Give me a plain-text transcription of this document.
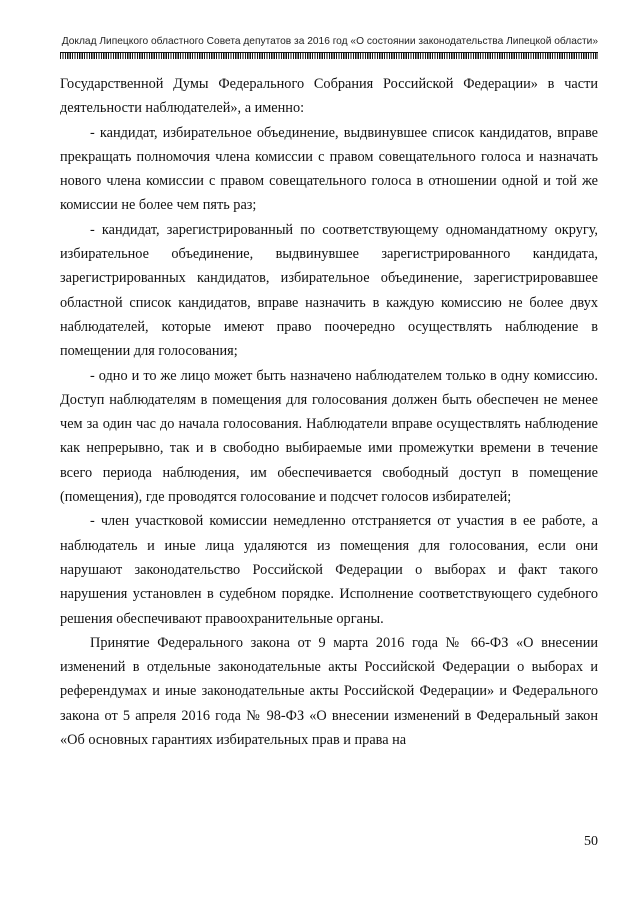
Доклад Липецкого областного Совета депутатов за 2016 год «О состоянии законодательства Липецкой области»

Государственной Думы Федерального Собрания Российской Федерации» в части деятельности наблюдателей», а именно:

- кандидат, избирательное объединение, выдвинувшее список кандидатов, вправе прекращать полномочия члена комиссии с правом совещательного голоса и назначать нового члена комиссии с правом совещательного голоса в отношении одной и той же комиссии не более чем пять раз;

- кандидат, зарегистрированный по соответствующему одномандатному округу, избирательное объединение, выдвинувшее зарегистрированного кандидата, зарегистрированных кандидатов, избирательное объединение, зарегистрировавшее областной список кандидатов, вправе назначить в каждую комиссию не более двух наблюдателей, которые имеют право поочередно осуществлять наблюдение в помещении для голосования;

- одно и то же лицо может быть назначено наблюдателем только в одну комиссию. Доступ наблюдателям в помещения для голосования должен быть обеспечен не менее чем за один час до начала голосования. Наблюдатели вправе осуществлять наблюдение как непрерывно, так и в свободно выбираемые ими промежутки времени в течение всего периода наблюдения, им обеспечивается свободный доступ в помещение (помещения), где проводятся голосование и подсчет голосов избирателей;

- член участковой комиссии немедленно отстраняется от участия в ее работе, а наблюдатель и иные лица удаляются из помещения для голосования, если они нарушают законодательство Российской Федерации о выборах и факт такого нарушения установлен в судебном порядке. Исполнение соответствующего судебного решения обеспечивают правоохранительные органы.

Принятие Федерального закона от 9 марта 2016 года № 66-ФЗ «О внесении изменений в отдельные законодательные акты Российской Федерации о выборах и референдумах и иные законодательные акты Российской Федерации» и Федерального закона от 5 апреля 2016 года № 98-ФЗ «О внесении изменений в Федеральный закон «Об основных гарантиях избирательных прав и права на

50
